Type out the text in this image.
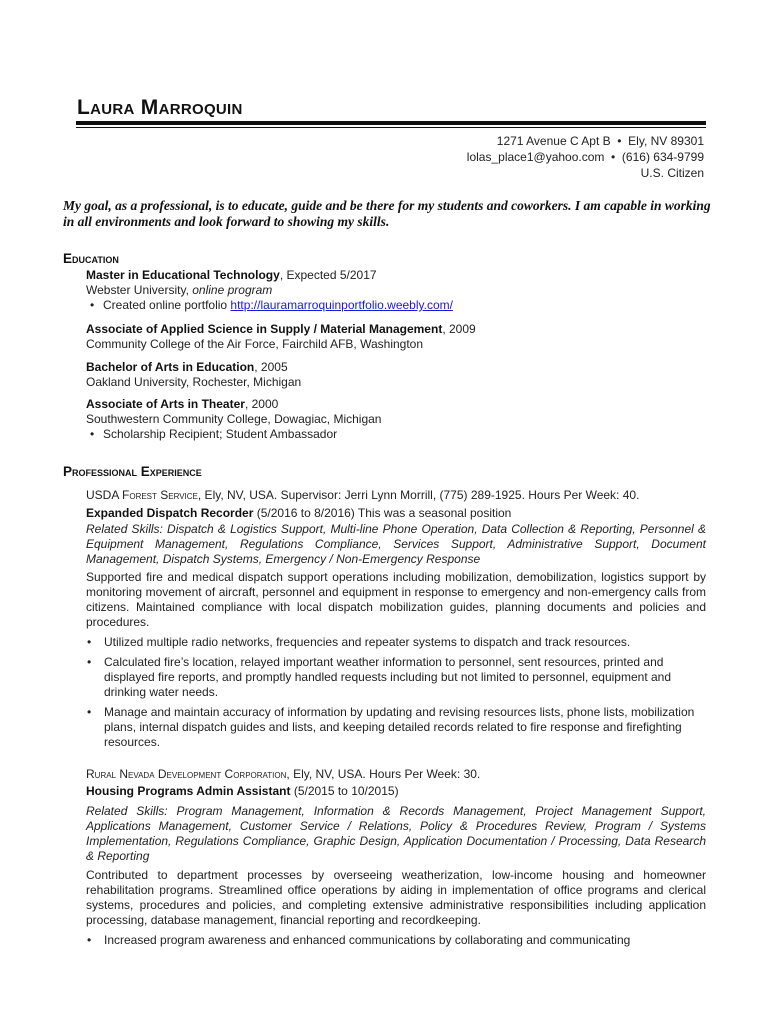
Laura Marroquin
1271 Avenue C Apt B  •  Ely, NV 89301
lolas_place1@yahoo.com  •  (616) 634-9799
U.S. Citizen
My goal, as a professional, is to educate, guide and be there for my students and coworkers. I am capable in working in all environments and look forward to showing my skills.
Education
Master in Educational Technology, Expected 5/2017
Webster University, online program
• Created online portfolio http://lauramarroquinportfolio.weebly.com/
Associate of Applied Science in Supply / Material Management, 2009
Community College of the Air Force, Fairchild AFB, Washington
Bachelor of Arts in Education, 2005
Oakland University, Rochester, Michigan
Associate of Arts in Theater, 2000
Southwestern Community College, Dowagiac, Michigan
• Scholarship Recipient; Student Ambassador
Professional Experience
USDA Forest Service, Ely, NV, USA. Supervisor: Jerri Lynn Morrill, (775) 289-1925. Hours Per Week: 40.
Expanded Dispatch Recorder (5/2016 to 8/2016) This was a seasonal position
Related Skills: Dispatch & Logistics Support, Multi-line Phone Operation, Data Collection & Reporting, Personnel & Equipment Management, Regulations Compliance, Services Support, Administrative Support, Document Management, Dispatch Systems, Emergency / Non-Emergency Response
Supported fire and medical dispatch support operations including mobilization, demobilization, logistics support by monitoring movement of aircraft, personnel and equipment in response to emergency and non-emergency calls from citizens. Maintained compliance with local dispatch mobilization guides, planning documents and policies and procedures.
• Utilized multiple radio networks, frequencies and repeater systems to dispatch and track resources.
• Calculated fire’s location, relayed important weather information to personnel, sent resources, printed and displayed fire reports, and promptly handled requests including but not limited to personnel, equipment and drinking water needs.
• Manage and maintain accuracy of information by updating and revising resources lists, phone lists, mobilization plans, internal dispatch guides and lists, and keeping detailed records related to fire response and firefighting resources.
Rural Nevada Development Corporation, Ely, NV, USA. Hours Per Week: 30.
Housing Programs Admin Assistant (5/2015 to 10/2015)
Related Skills: Program Management, Information & Records Management, Project Management Support, Applications Management, Customer Service / Relations, Policy & Procedures Review, Program / Systems Implementation, Regulations Compliance, Graphic Design, Application Documentation / Processing, Data Research & Reporting
Contributed to department processes by overseeing weatherization, low-income housing and homeowner rehabilitation programs. Streamlined office operations by aiding in implementation of office programs and clerical systems, procedures and policies, and completing extensive administrative responsibilities including application processing, database management, financial reporting and recordkeeping.
• Increased program awareness and enhanced communications by collaborating and communicating
